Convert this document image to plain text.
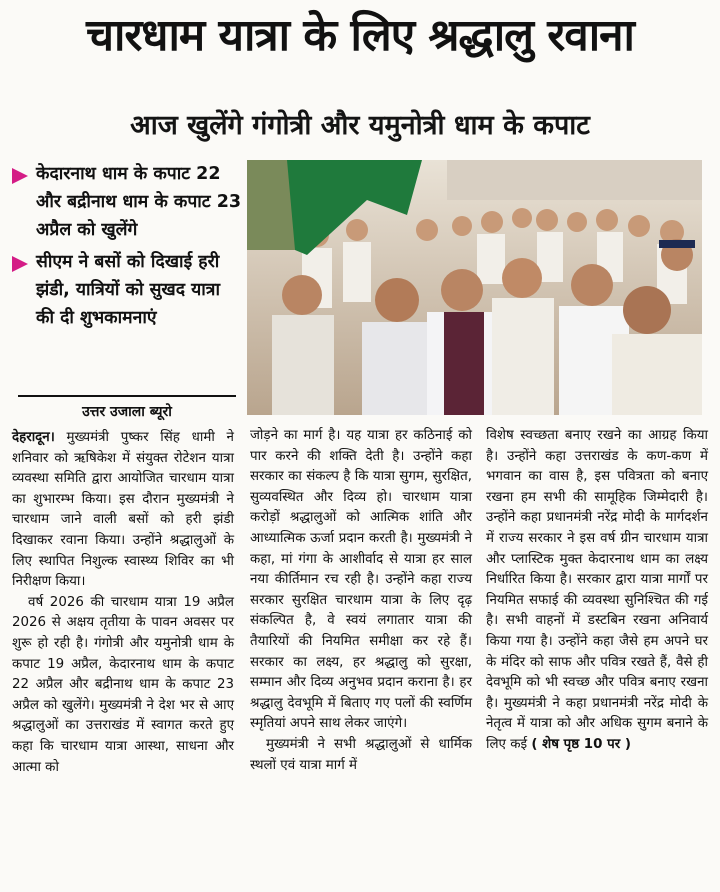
चारधाम यात्रा के लिए श्रद्धालु रवाना
आज खुलेंगे गंगोत्री और यमुनोत्री धाम के कपाट
केदारनाथ धाम के कपाट 22 और बद्रीनाथ धाम के कपाट 23 अप्रैल को खुलेंगे
सीएम ने बसों को दिखाई हरी झंडी, यात्रियों को सुखद यात्रा की दी शुभकामनाएं
उत्तर उजाला ब्यूरो

देहरादून। मुख्यमंत्री पुष्कर सिंह धामी ने शनिवार को ऋषिकेश में संयुक्त रोटेशन यात्रा व्यवस्था समिति द्वारा आयोजित चारधाम यात्रा का शुभारम्भ किया। इस दौरान मुख्यमंत्री ने चारधाम जाने वाली बसों को हरी झंडी दिखाकर रवाना किया। उन्होंने श्रद्धालुओं के लिए स्थापित निशुल्क स्वास्थ्य शिविर का भी निरीक्षण किया।

वर्ष 2026 की चारधाम यात्रा 19 अप्रैल 2026 से अक्षय तृतीया के पावन अवसर पर शुरू हो रही है। गंगोत्री और यमुनोत्री धाम के कपाट 19 अप्रैल, केदारनाथ धाम के कपाट 22 अप्रैल और बद्रीनाथ धाम के कपाट 23 अप्रैल को खुलेंगे। मुख्यमंत्री ने देश भर से आए श्रद्धालुओं का उत्तराखंड में स्वागत करते हुए कहा कि चारधाम यात्रा आस्था, साधना और आत्मा को

जोड़ने का मार्ग है। यह यात्रा हर कठिनाई को पार करने की शक्ति देती है। उन्होंने कहा सरकार का संकल्प है कि यात्रा सुगम, सुरक्षित, सुव्यवस्थित और दिव्य हो। चारधाम यात्रा करोड़ों श्रद्धालुओं को आत्मिक शांति और आध्यात्मिक ऊर्जा प्रदान करती है। मुख्यमंत्री ने कहा, मां गंगा के आशीर्वाद से यात्रा हर साल नया कीर्तिमान रच रही है। उन्होंने कहा राज्य सरकार सुरक्षित चारधाम यात्रा के लिए दृढ़ संकल्पित है, वे स्वयं लगातार यात्रा की तैयारियों की नियमित समीक्षा कर रहे हैं। सरकार का लक्ष्य, हर श्रद्धालु को सुरक्षा, सम्मान और दिव्य अनुभव प्रदान कराना है। हर श्रद्धालु देवभूमि में बिताए गए पलों की स्वर्णिम स्मृतियां अपने साथ लेकर जाएंगे।

मुख्यमंत्री ने सभी श्रद्धालुओं से धार्मिक स्थलों एवं यात्रा मार्ग में

विशेष स्वच्छता बनाए रखने का आग्रह किया है। उन्होंने कहा उत्तराखंड के कण-कण में भगवान का वास है, इस पवित्रता को बनाए रखना हम सभी की सामूहिक जिम्मेदारी है। उन्होंने कहा प्रधानमंत्री नरेंद्र मोदी के मार्गदर्शन में राज्य सरकार ने इस वर्ष ग्रीन चारधाम यात्रा और प्लास्टिक मुक्त केदारनाथ धाम का लक्ष्य निर्धारित किया है। सरकार द्वारा यात्रा मार्गों पर नियमित सफाई की व्यवस्था सुनिश्चित की गई है। सभी वाहनों में डस्टबिन रखना अनिवार्य किया गया है। उन्होंने कहा जैसे हम अपने घर के मंदिर को साफ और पवित्र रखते हैं, वैसे ही देवभूमि को भी स्वच्छ और पवित्र बनाए रखना है। मुख्यमंत्री ने कहा प्रधानमंत्री नरेंद्र मोदी के नेतृत्व में यात्रा को और अधिक सुगम बनाने के लिए कई ( शेष पृष्ठ 10 पर )
